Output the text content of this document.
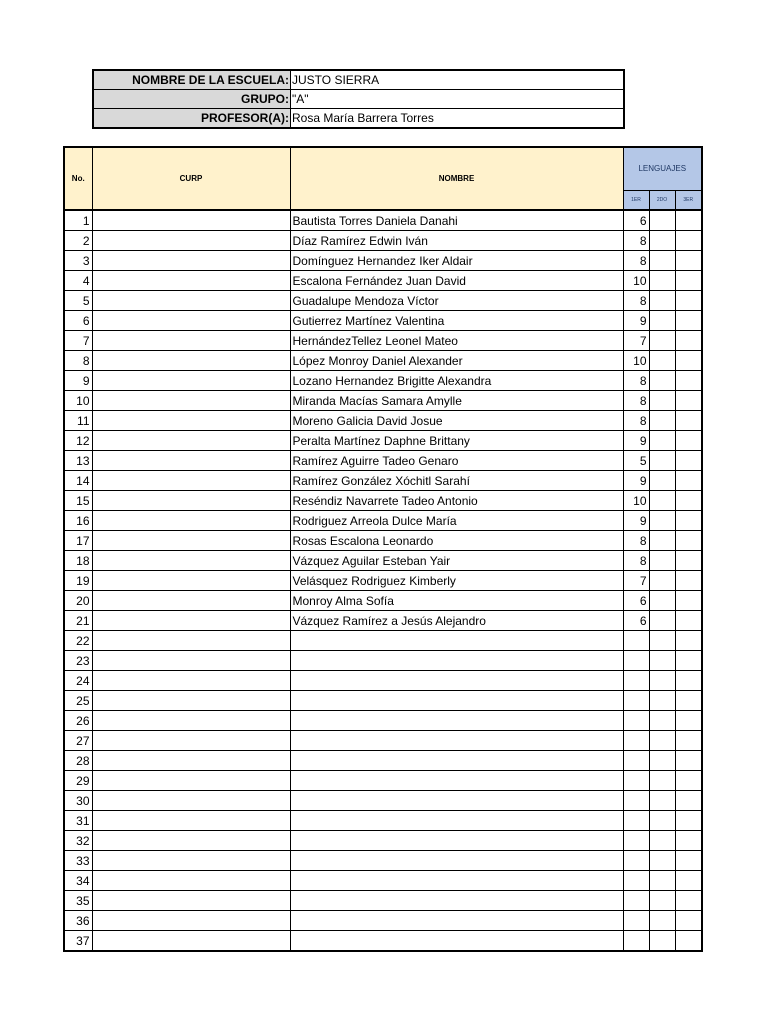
NOMBRE DE LA ESCUELA:	JUSTO SIERRA
GRUPO:	"A"
PROFESOR(A):	Rosa María Barrera Torres
No.	CURP	NOMBRE	LENGUAJES		
			1ER	2DO	3ER
1		Bautista Torres Daniela Danahi	6		
2		Díaz Ramírez Edwin Iván	8		
3		Domínguez Hernandez Iker Aldair	8		
4		Escalona Fernández Juan David	10		
5		Guadalupe Mendoza Víctor	8		
6		Gutierrez Martínez Valentina	9		
7		HernándezTellez Leonel Mateo	7		
8		López Monroy Daniel Alexander	10		
9		Lozano Hernandez Brigitte Alexandra	8		
10		Miranda Macías Samara Amylle	8		
11		Moreno Galicia David Josue	8		
12		Peralta Martínez Daphne Brittany	9		
13		Ramírez Aguirre Tadeo Genaro	5		
14		Ramírez González Xóchitl Sarahí	9		
15		Reséndiz Navarrete Tadeo Antonio	10		
16		Rodriguez Arreola Dulce María	9		
17		Rosas Escalona Leonardo	8		
18		Vázquez Aguilar Esteban Yair	8		
19		Velásquez Rodriguez Kimberly	7		
20		Monroy Alma Sofía	6		
21		Vázquez Ramírez a Jesús Alejandro	6		
22					
23					
24					
25					
26					
27					
28					
29					
30					
31					
32					
33					
34					
35					
36					
37					
